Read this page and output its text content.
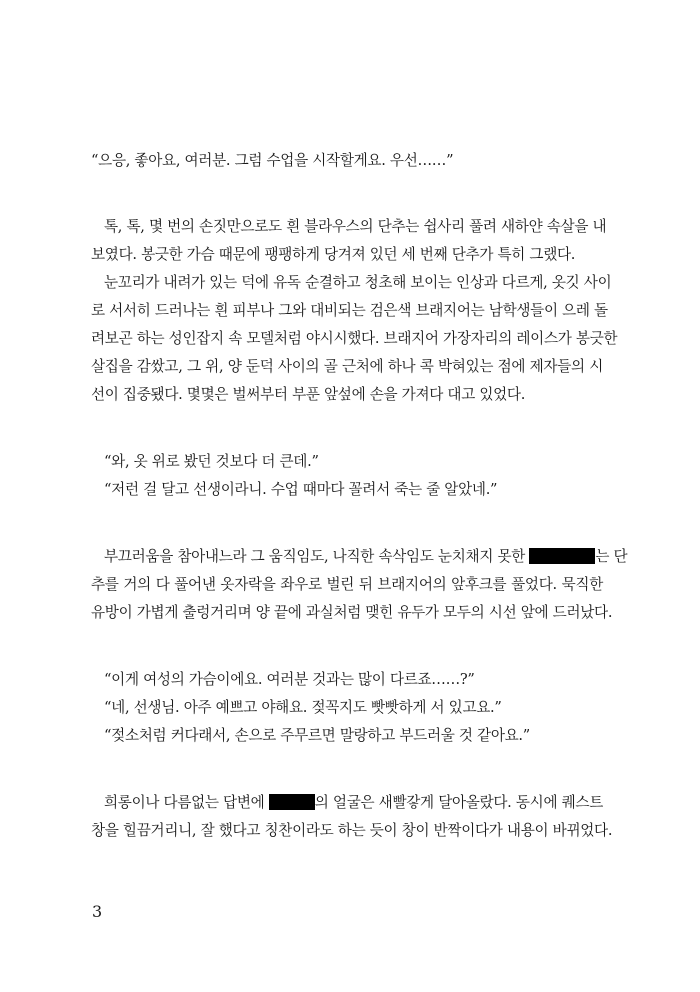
“으응, 좋아요, 여러분. 그럼 수업을 시작할게요. 우선……”
톡, 톡, 몇 번의 손짓만으로도 흰 블라우스의 단추는 쉽사리 풀려 새하얀 속살을 내
보였다. 봉긋한 가슴 때문에 팽팽하게 당겨져 있던 세 번째 단추가 특히 그랬다.
눈꼬리가 내려가 있는 덕에 유독 순결하고 청초해 보이는 인상과 다르게, 옷깃 사이
로 서서히 드러나는 흰 피부나 그와 대비되는 검은색 브래지어는 남학생들이 으레 돌
려보곤 하는 성인잡지 속 모델처럼 야시시했다. 브래지어 가장자리의 레이스가 봉긋한
살집을 감쌌고, 그 위, 양 둔덕 사이의 골 근처에 하나 콕 박혀있는 점에 제자들의 시
선이 집중됐다. 몇몇은 벌써부터 부푼 앞섶에 손을 가져다 대고 있었다.
“와, 옷 위로 봤던 것보다 더 큰데.”
“저런 걸 달고 선생이라니. 수업 때마다 꼴려서 죽는 줄 알았네.”
부끄러움을 참아내느라 그 움직임도, 나직한 속삭임도 눈치채지 못한	는 단
추를 거의 다 풀어낸 옷자락을 좌우로 벌린 뒤 브래지어의 앞후크를 풀었다. 묵직한
유방이 가볍게 출렁거리며 양 끝에 과실처럼 맺힌 유두가 모두의 시선 앞에 드러났다.
“이게 여성의 가슴이에요. 여러분 것과는 많이 다르죠……?”
“네, 선생님. 아주 예쁘고 야해요. 젖꼭지도 빳빳하게 서 있고요.”
“젖소처럼 커다래서, 손으로 주무르면 말랑하고 부드러울 것 같아요.”
희롱이나 다름없는 답변에	의 얼굴은 새빨갛게 달아올랐다. 동시에 퀘스트
창을 힐끔거리니, 잘 했다고 칭찬이라도 하는 듯이 창이 반짝이다가 내용이 바뀌었다.
3
